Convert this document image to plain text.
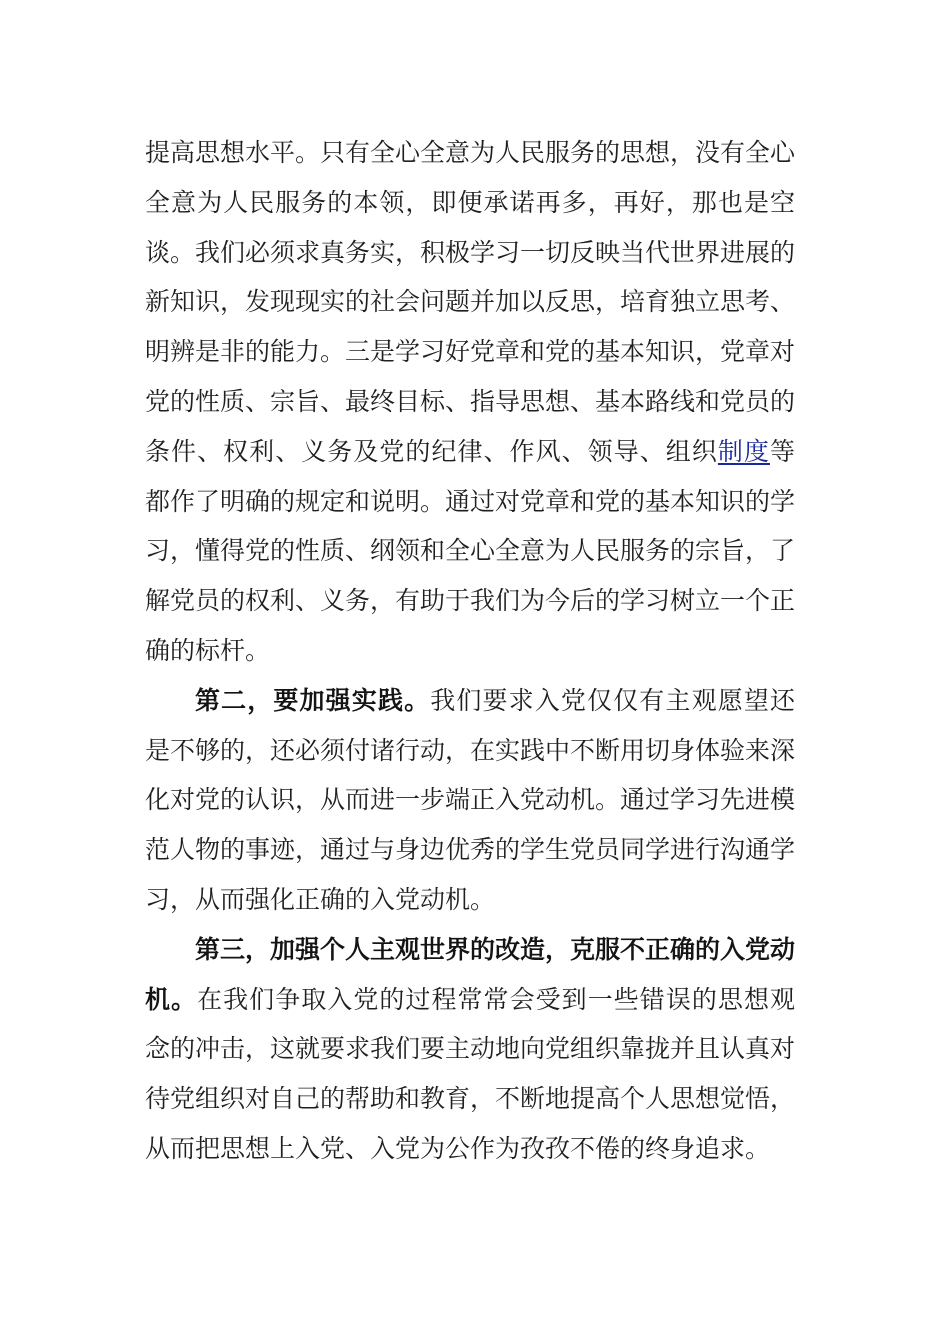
提高思想水平。只有全心全意为人民服务的思想，没有全心全意为人民服务的本领，即便承诺再多，再好，那也是空谈。我们必须求真务实，积极学习一切反映当代世界进展的新知识，发现现实的社会问题并加以反思，培育独立思考、明辨是非的能力。三是学习好党章和党的基本知识，党章对党的性质、宗旨、最终目标、指导思想、基本路线和党员的条件、权利、义务及党的纪律、作风、领导、组织制度等都作了明确的规定和说明。通过对党章和党的基本知识的学习，懂得党的性质、纲领和全心全意为人民服务的宗旨，了解党员的权利、义务，有助于我们为今后的学习树立一个正确的标杆。

第二，要加强实践。我们要求入党仅仅有主观愿望还是不够的，还必须付诸行动，在实践中不断用切身体验来深化对党的认识，从而进一步端正入党动机。通过学习先进模范人物的事迹，通过与身边优秀的学生党员同学进行沟通学习，从而强化正确的入党动机。

第三，加强个人主观世界的改造，克服不正确的入党动机。在我们争取入党的过程常常会受到一些错误的思想观念的冲击，这就要求我们要主动地向党组织靠拢并且认真对待党组织对自己的帮助和教育，不断地提高个人思想觉悟，从而把思想上入党、入党为公作为孜孜不倦的终身追求。
